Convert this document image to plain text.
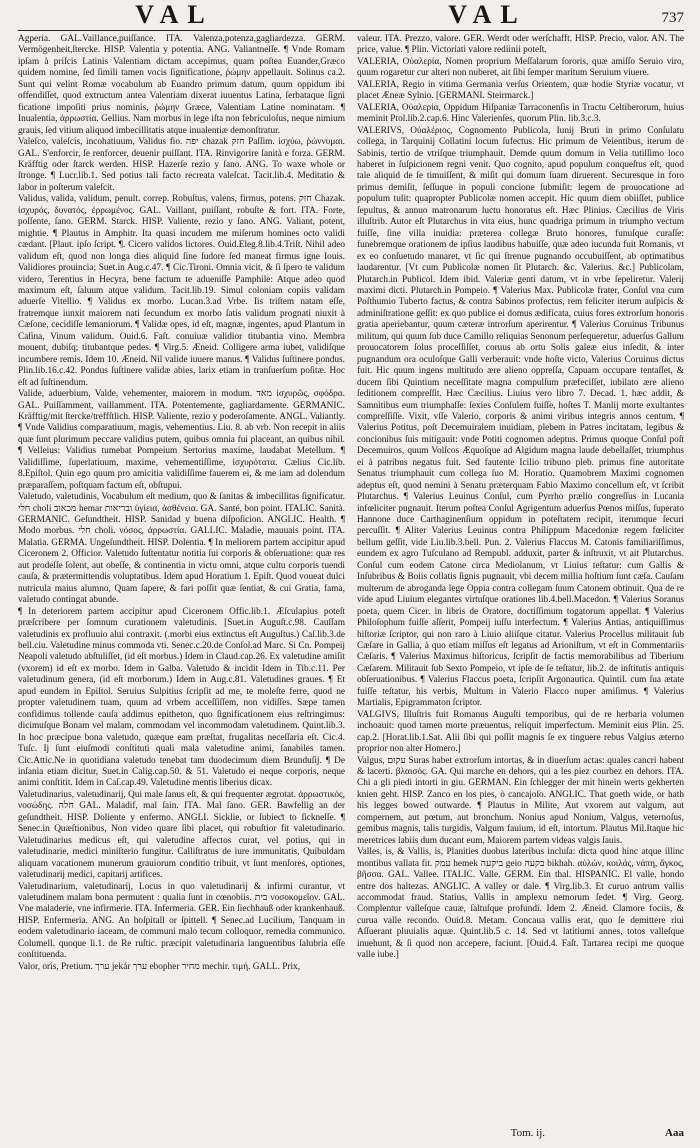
VAL	VAL	737

Agperia. GAL.Vaillance,puiſſance. ITA. Valenza,potenza,gagliardezza. GERM. Vermögenheit,ſtercke. HISP. Valentia y potentia. ANG. Valiantneſſe. ¶ Vnde Romam ipſam à priſcis Latinis Valentiam dictam accepimus, quam poſtea Euander,Græco quidem nomine, ſed ſimili tamen vocis ſignificatione, ῥώμην appellauit. Solinus ca.2. Sunt qui velint Romæ vocabulum ab Euandro primum datum, quum oppidum ibi offendiſſet, quod extructum antea Valentiam dixerat iuuentus Latina, ſerbataque ſigni ficatione impoſiti prius nominis, ῥώμην Græce, Valentiam Latine nominatam. ¶ Inualentia, ἀρρωστία. Gellius. Nam morbus in lege iſta non febriculoſus, neque nimium grauis, ſed vitium aliquod imbecillitatis atque inualentiæ demonſtratur.

Valeſco, valeſcis, incohatiuum, Validus fio. ‏יפה‎ chazak ‏חזק‎ Paſſim. ἰσχύω, ῥώννυμαι. GAL. S'enforcir, ſe renforcer, deuenir puiſſant. ITA. Rinvigorire ſanità e forza. GERM. Kräfftig oder ſtarck werden. HISP. Hazerſe rezio y ſano. ANG. To waxe whole or ſtronge. ¶ Lucr.lib.1. Sed potius tali facto recreata valeſcat. Tacit.lib.4. Meditatio & labor in poſterum valeſcit.

Validus, valida, validum, penult. correp. Robuſtus, valens, firmus, potens. ‏חזק‎ Chazak. ἰσχυρός, δυνατός, ἐρρωμένος. GAL. Vaillant, puiſſant, robuſte & fort. ITA. Forte, poſſente, ſano. GERM. Starck. HISP. Valiente, rezio y ſano. ANG. Valiant, potent, mightie. ¶ Plautus in Amphitr. Ita quasi incudem me miſerum homines octo validi cædant. [Plaut. ipſo ſcript. ¶. Cicero validos lictores. Ouid.Eleg.8.lib.4.Triſt. Nihil adeo validum eſt, quod non longa dies aliquid ſine ſudore ſed maneat firmus igne Iouis. Validiores prouincia; Suet.in Aug.c.47. ¶ Cic.Tironi. Omnia vicit, & ſi ſpero te validum videro, Terentius in Hecyra, bene factum te adueniſſe Pamphile: Atque adeo quod maximum eſt, ſaluum atque validum. Tacit.lib.19. Simul coloniam copiis validam aduerſe Vitellio. ¶ Validus ex morbo. Lucan.3.ad Vrbe. Iis triſtem natam eſſe, fratremque iunxit maiorem nati ſecundum ex morbo ſatis validum prognati niuxit à Cæſone, cecidiſſe lemaniorum. ¶ Validæ opes, id eſt, magnæ, ingentes, apud Plantum in Caſina, Vinum validum. Ouid.6. Faſt. conuiuæ validior titubantia vino. Membra mouent, dubiſq; titubantque pedes. ¶ Virg.5. Æneid. Colligere arma iubet, validiſque incumbere remis. Idem 10. Æneid. Nil valide iuuere manus. ¶ Validus ſuſtinere pondus. Plin.lib.16.c.42. Pondus ſuſtinere validæ abies, larix etiam in tranſuerſum poſitæ. Hoc eſt ad ſuſtinendum.

Valide, aduerbium, Valde, vehementer, maiorem in modum. ‏מאד‎ ἰσχυρῶς, σφόδρα. GAL. Puiſſamment, vaillamment. ITA. Potentemente, gagliardamente. GERMANIC. Kräfftig/mit ſtercke/treffſtlich. HISP. Valiente, rezio y poderoſamente. ANGL. Valiantly. ¶ Vnde Validius comparatiuum, magis, vehementius. Liu. 8. ab vrb. Non recepit in aliis quæ ſunt plurimum peccare validius putem, quibus omnia fui placeant, an quibus nihil. ¶ Velleius: Validius tumebat Pompeium Sertorius maxime, laudabat Metellum. ¶ Validiſſime, ſuperlatiuum, maxime, vehementiſſime, ἰσχυρότατα. Cælius Cic.lib. 8.Epiſtol. Quin ego quum pro amicitia validiſſime fauerem ei, & me iam ad dolendum præparaſſem, poſtquam factum eſt, obſtupui.

Valetudo, valetudinis, Vocabulum eſt medium, quo & ſanitas & imbecillitas ſignificatur. ‏חלי‎ cholí ‏מכאוב‎ hemar ‏ובריאות‎ ὑγίεια, ἀσθένεια. GA. Santé, bon point. ITALIC. Sanità. GERMANIC. Geſundtheit. HISP. Sanidad y buena diſpoſicion. ANGLIC. Health. ¶ Modo morbus. ‏חלי‎ choli. νόσος, ἀρρωστία. GALLIC. Maladie, mauuais point. ITA. Malatia. GERMA. Ungeſundtheit. HISP. Dolentia. ¶ In meliorem partem accipitur apud Ciceronem 2. Officior. Valetudo ſuſtentatur notitia ſui corporis & obſeruatione: quæ res aut prodeſſe ſolent, aut obeſſe, & continentia in victu omni, atque cultu corporis tuendi cauſa, & prætermittendis voluptatibus. Idem apud Horatium 1. Epiſt. Quod voueat dulci nutricula maius alumno, Quam ſapere, & fari poſſit quæ ſentiat, & cui Gratia, fama, valetudo contingat abunde.

¶ In deteriorem partem accipitur apud Ciceronem Offic.lib.1. Æſculapius poteſt præſcribere per ſomnum curationem valetudinis. [Suet.in Auguſt.c.98. Cauſſam valetudinis ex profluuio alui contraxit. (.morbi eius extinctus eſt Auguſtus.) Caſ.lib.3.de bell.ciu. Valetudine minus commoda vti. Senec.c.20.de Conſol.ad Marc. Si Cn. Pompeij Neapoli valetudo abſtuliſſet, (id eſt morbus.) Idem in Claud.cap.26. Ex valetudine amiſit (vxorem) id eſt ex morbo. Idem in Galba. Valetudo & incidit Idem in Tib.c.11. Per valetudinum genera, (id eſt morborum.) Idem in Aug.c.81. Valetudines graues. ¶ Et apud eundem in Epiſtol. Seruius Sulpitius ſcripſit ad me, te moleſte ferre, quod ne propter valetudinem tuam, quum ad vrbem acceſſiſſem, non vidiſſes. Sæpe tamen confidimus tollende cauſa addimus epitheton, quo ſignificationem eius reſtringimus: dicimuſque Bonam vel malam, commodam vel incommodam valetudinem. Quint.lib.3. In hoc præcipue bona valetudo, quæque eam præſtat, frugalitas neceſſaria eſt. Cic.4. Tuſc. Ij ſunt eiuſmodi conſtituti quali mala valetudine animi, ſanabiles tamen. Cic.Attic.Ne in quotidiana valetudo tenebat tam duodecimum diem Brunduſij. ¶ De inſania etiam dicitur, Suet.in Calig.cap.50. & 51. Valetudo ei neque corporis, neque animi conſtitit. Idem in Caſ.cap.49. Valetudine mentis liberius dicax.

Valetudinarius, valetudinarij, Qui male ſanus eſt, & qui frequenter ægrotat. ἀρρωστικός, νοσώδης. ‏חלה‎ GAL. Maladif, mal ſain. ITA. Mal ſano. GER. Bawfellig an der geſundtheit. HISP. Doliente y enfermo. ANGLI. Sicklie, or ſubieƈt to ſickneſſe. ¶ Senec.in Quæſtionibus, Non video quare ſibi placet, qui robuſtior fit valetudinario. Valetudinarius medicus eſt, qui valetudine affectos curat, vel potius, qui in valetudinarie, medici miniſterio fungitur. Calliſtratus de iure immunitatis, Quibuldam aliquam vacationem munerum grauiorum conditio tribuit, vt ſunt menſores, optiones, valetudinarij medici, capitarij artifices.

Valetudinarium, valetudinarij, Locus in quo valetudinarij & infirmi curantur, vt valetudinem malam bona permutent : qualia ſunt in cœnobiis. ‏בית‎ νοσοκομεῖον. GAL. Vne maladerie, vne infirmerie. ITA. Infermeria. GER. Ein ſiechhauß oder krankenhauß. HISP. Enfermeria. ANG. An hoſpitall or ſpittell. ¶ Senec.ad Lucilium, Tanquam in eodem valetudinario iaceam, de communi malo tecum colloquor, remedia communico. Columell. quoque li.1. de Re ruſtic. præcipit valetudinaria languentibus ſalubria eſſe conſtituenda.

Valor, oris, Pretium. ‏ערך‎ jekár ‏ערך‎ ebopher ‏מחיר‎ mechir. τιμή. GALL. Prix,

valeur. ITA. Prezzo, valore. GER. Werdt oder werſchafft. HISP. Precio, valor. AN. The price, value. ¶ Plin. Victoriati valore rediinii poteſt.

VALERIA, Οὐαλερία, Nomen proprium Meſſalarum ſororis, quæ amiſſo Seruio viro, quum rogaretur cur alteri non nuberet, ait ſibi ſemper maritum Seruium viuere.

VALERIA, Regio in vitima Germania verſus Orientem, quæ hodie Styriæ vocatur, vt placet Æneæ Sylnio. [GERMANI. Steirmarck.]

VALERIA, Οὐαλερία, Oppidum Hiſpaniæ Tarraconenſis in Tractu Celtiberorum, huius meminit Ptol.lib.2.cap.6. Hinc Valerienſes, quorum Plin. lib.3.c.3.

VALERIVS, Οὐαλέριος, Cognomento Publicola, Iunij Bruti in primo Conſulatu collega, in Tarquinij Collatini locum ſufectus. Hic primum de Veientibus, iterum de Sabinis, tertio de vtriſque triumphauit. Demde quum domum in Velia tutiſſimo loco haberet in ſuſpicionem regni venit. Quo cognito, apud populum conqueſtus eſt, quod tale aliquid de ſe timuiſſent, & miſit qui domum ſuam diruerent. Securesque in foro primus demiſit, ſeſſuque in populi concione ſubmiſit: legem de prouocatione ad populum tulit: quapropter Publicolæ nomen accepit. Hic quum diem obiiſſet, publice ſepultus, & annuo matronarum luctu honoratus eſt. Hæc Plinius. Cæcilius de Viris illuſtrib. Autor eſt Plutarchus in vita eius, hunc quadriga primum in triumpho vectum fuiſſe, ſine villa inuidia: præterea collegæ Bruto honores, funuſque curaſſe: funebremque orationem de ipſius laudibus habuiſſe, quæ adeo iucunda fuit Romanis, vt ex eo conſuetudo manaret, vt ſic qui ſtrenue pugnando occubuiſſent, ab optimatibus laudarentur. [Vt cum Publicolæ nomen ſit Plutarch. &c. Valerius. &c.] Publicolam, Plutarch.in Publicol. Idem ibid. Valeriæ genti datum, vt in vrbe ſepeliretur. Valerij maximi dicti. Plutarch.in Pompeio. ¶ Valerius Max. Publicolæ frater, Conſul vna cum Poſthumio Tuberto factus, & contra Sabinos profectus, rem feliciter iterum auſpicis & adminiſtratione geſſit: ex quo publice ei domus ædificata, cuius fores extrorſum honoris gratia aperiebantur, quum cæteræ introrſum aperirentur. ¶ Valerius Coruinus Tribunus militum, qui quum ſub duce Camillo reliquias Senonum perſequeretur, aduerſus Gallum prouocatorem ſolus proceſſiſſet, coruus ab ortu Solis galeæ eius inſedit, & inter pugnandum ora oculoſque Galli verberauit: vnde hoſte victo, Valerius Coruinus dictus fuit. Hic quum ingens multitudo ære alieno oppreſſa, Capuam occupare tentaſſet, & ducem ſibi Quintium neceſſitate magna compulſum præfeciſſet, iubilato ære alieno ſeditionem compreſſit. Hæc Cæcilius. Liuius vero libro 7. Decad. 1. hæc addit, & Samnitibus eum triumphaſſe: ſexies Conſulem fuiſſe, hoſtes T. Manlij morte exultantes compreſſiſſe. Vixit, vſſe Valerio, corporis & animi viribus integris annos centum. ¶ Valerius Potitus, poſt Decemuiralem inuidiam, plebem in Patres incitatam, legibus & concionibus ſuis mitigauit: vnde Potiti cognomen adeptus. Primus quoque Conſul poſt Decemuiros, quum Volſcos Æquoſque ad Algidum magna laude debellaſſet, triumphus ei à patribus negatus fuit. Sed fautente Icilio tribuno pleb. primus fine autoritate Senatus triumphauit cum collega ſuo M. Horatio. Quamobrem Maximi cognomen adeptus eſt, quod nemini à Senatu præterquam Fabio Maximo concellum eſt, vt ſcribit Plutarchus. ¶ Valerius Leuinus Conſul, cum Pyrrho prælio congreſſus in Lucania infœliciter pugnauit. Iterum poſtea Conſul Agrigentum aduerſus Pœnos miſſus, ſuperato Hannone duce Carthaginenſium oppidum in poteſtatem recipit, iterumque ſecuri percuſſit. ¶ Aliter Valerius Leuinus contra Philippum Macedoniæ regem fœliciter bellum geſſit, vide Liu.lib.3.bell. Pun. 2. Valerius Flaccus M. Catonis familiariſſimus, eundem ex agro Tuſculano ad Rempubl. adduxit, parter & inſtruxit, vt ait Plutarchus. Conſul cum eodem Catone circa Mediolanum, vt Liuius teſtatur: cum Gallis & Inſubribus & Boiis collatis ſignis pugnauit, vbi decem millia hoſtium ſunt cæſa. Cauſam multerum de abroganda lege Oppia contra collegam ſuum Catonem obtinuit. Qua de re vide apud Liuium elegantes virtuſque orationes lib.4.bell.Macedon. ¶ Valerius Soranus poeta, quem Cicer. in libris de Oratore, doctiſſimum togatorum appellat. ¶ Valerius Philoſophum fuiſſe aſſerit, Pompeij iuſſu interfectum. ¶ Valerius Antias, antiquiſſimus hiſtoriæ ſcriptor, qui non raro à Liuio aliiſque citatur. Valerius Procellus militauit ſub Cæſare in Gallia, à quo etiam miſſus eſt legatus ad Arioniſtum, vt eſt in Commentariis Cæſaris. ¶ Valerius Maximus hiſtoricus, ſcripſit de factis memorabilibus ad Tiberium Cæſarem. Militauit ſub Sexto Pompeio, vt ipſe de ſe teſtatur, lib.2. de inſtitutis antiquis obſeruationibus. ¶ Valerius Flaccus poeta, ſcripſit Argonautica. Quintil. cum ſua ætate fuiſſe teſtatur, his verbis, Multum in Valerio Flacco nuper amiſimus. ¶ Valerius Martialis, Epigrammaton ſcriptor.

VALGIVS, Illuſtris fuit Romanus Auguſti temporibus, qui de re herbaria volumen inchoauit: quod tamen morte præuentus, reliquit imperfectum. Meminit eius Plin. 25. cap.2. [Horat.lib.1.Sat. Alii ſibi qui poſſit magnis ſe ex tinguere rebus Valgius æterno proprior non alter Homero.]

Valgus, ‏עקום‎ Suras habet extrorſum intortas, & in diuerſum actas: quales cancri habent & lacerti. βλαισός. GA. Qui marche en dehors, qui a les piez courbez en dehors. ITA. Chi a gli piedi intorti in giu. GERMAN. Ein ſchlegger der mit hinein werts gekherten knien geht. HISP. Zanco en los pies, ò cancajoſo. ANGLIC. That goeth wide, or hath his legges bowed outwarde. ¶ Plautus in Milite, Aut vxorem aut valgum, aut compernem, aut pœtum, aut bronchum. Nonius apud Nonium, Valgus, veternoſus, gemibus magnis, talis turgidis, Valgum fauium, id eſt, intortum. Plautus Mil.Itaque hic meretrices labiis dum ducant eum, Maiorem partem videas valgis ſauis.

Valles, is, & Vallis, is, Planities duobus lateribus incluſa: dicta quod hinc atque illinc montibus vallata fit. ‏עמק‎ hemek ‏ביקעה‎ geio ‏בקעה‎ bikhah. αὐλών, κοιλάς, νάπη, ἄγκος, βῆσσα. GAL. Vallee. ITALIC. Valle. GERM. Ein thal. HISPANIC. El valle, hondo entre dos haltezas. ANGLIC. A valley or dale. ¶ Virg.lib.3. Et curuo antrum vallis accommodat fraud. Statius, Vallis in amplexu nemorum ſedet. ¶ Virg. Georg. Complentur valleſque cauæ, ſaltuſque profundi. Idem 2. Æneid. Clamore fociis, & curua valle recondo. Ouid.8. Metam. Concaua vallis erat, quo ſe demittere riui Aſſuerant pluuialis aquæ. Quint.lib.5 c. 14. Sed vt latitiumi annes, totos valleſque inuehunt, & ſi quod non accepere, faciunt. [Ouid.4. Faſt. Tartarea recipi me quoque valle iube.]

Tom. ij.	Aaa
